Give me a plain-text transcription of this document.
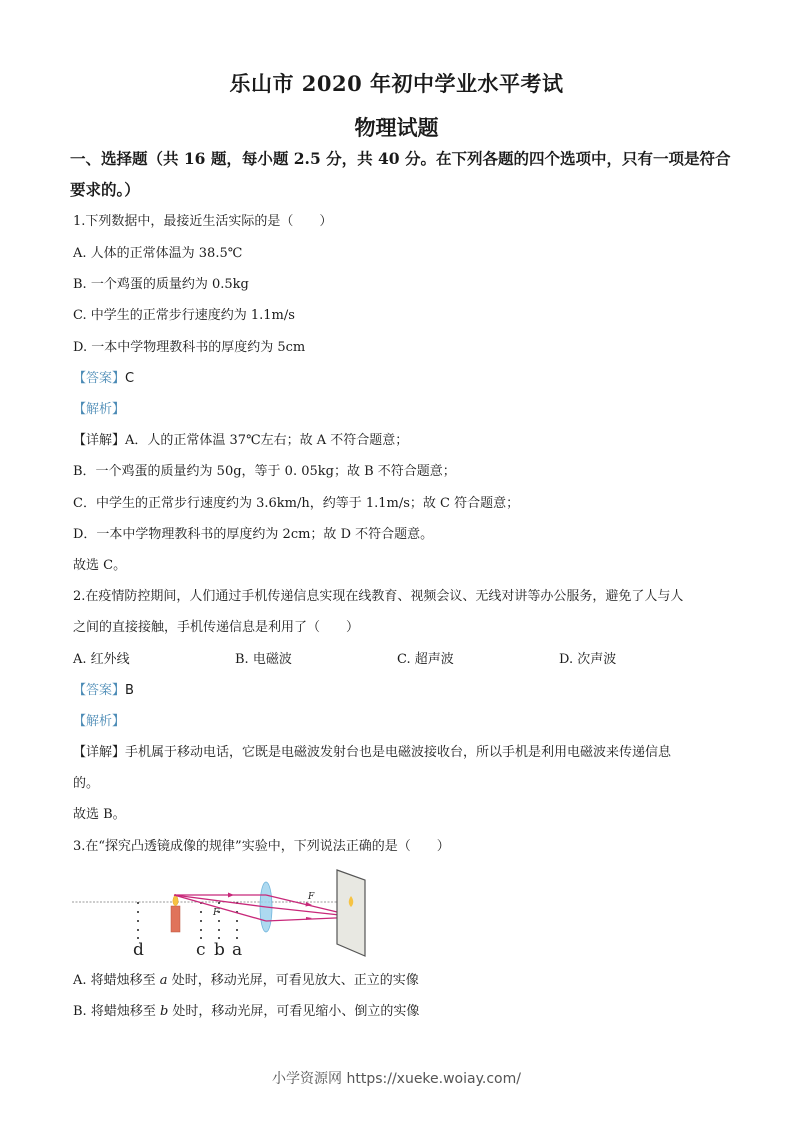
乐山市 2020 年初中学业水平考试
物理试题
一、选择题（共 16 题，每小题 2.5 分，共 40 分。在下列各题的四个选项中，只有一项是符合
要求的。）
1.下列数据中，最接近生活实际的是（　　）
A. 人体的正常体温为 38.5℃
B. 一个鸡蛋的质量约为 0.5kg
C. 中学生的正常步行速度约为 1.1m/s
D. 一本中学物理教科书的厚度约为 5cm
【答案】C
【解析】
【详解】A．人的正常体温 37℃左右；故 A 不符合题意；
B．一个鸡蛋的质量约为 50g，等于 0. 05kg；故 B 不符合题意；
C．中学生的正常步行速度约为 3.6km/h，约等于 1.1m/s；故 C 符合题意；
D．一本中学物理教科书的厚度约为 2cm；故 D 不符合题意。
故选 C。
2.在疫情防控期间，人们通过手机传递信息实现在线教育、视频会议、无线对讲等办公服务，避免了人与人
之间的直接接触，手机传递信息是利用了（　　）
A. 红外线	B. 电磁波	C. 超声波	D. 次声波
【答案】B
【解析】
【详解】手机属于移动电话，它既是电磁波发射台也是电磁波接收台，所以手机是利用电磁波来传递信息
的。
故选 B。
3.在“探究凸透镜成像的规律”实验中，下列说法正确的是（　　）
F
F
d	c b a
A. 将蜡烛移至 a 处时，移动光屏，可看见放大、正立的实像
B. 将蜡烛移至 b 处时，移动光屏，可看见缩小、倒立的实像
小学资源网 https://xueke.woiay.com/
